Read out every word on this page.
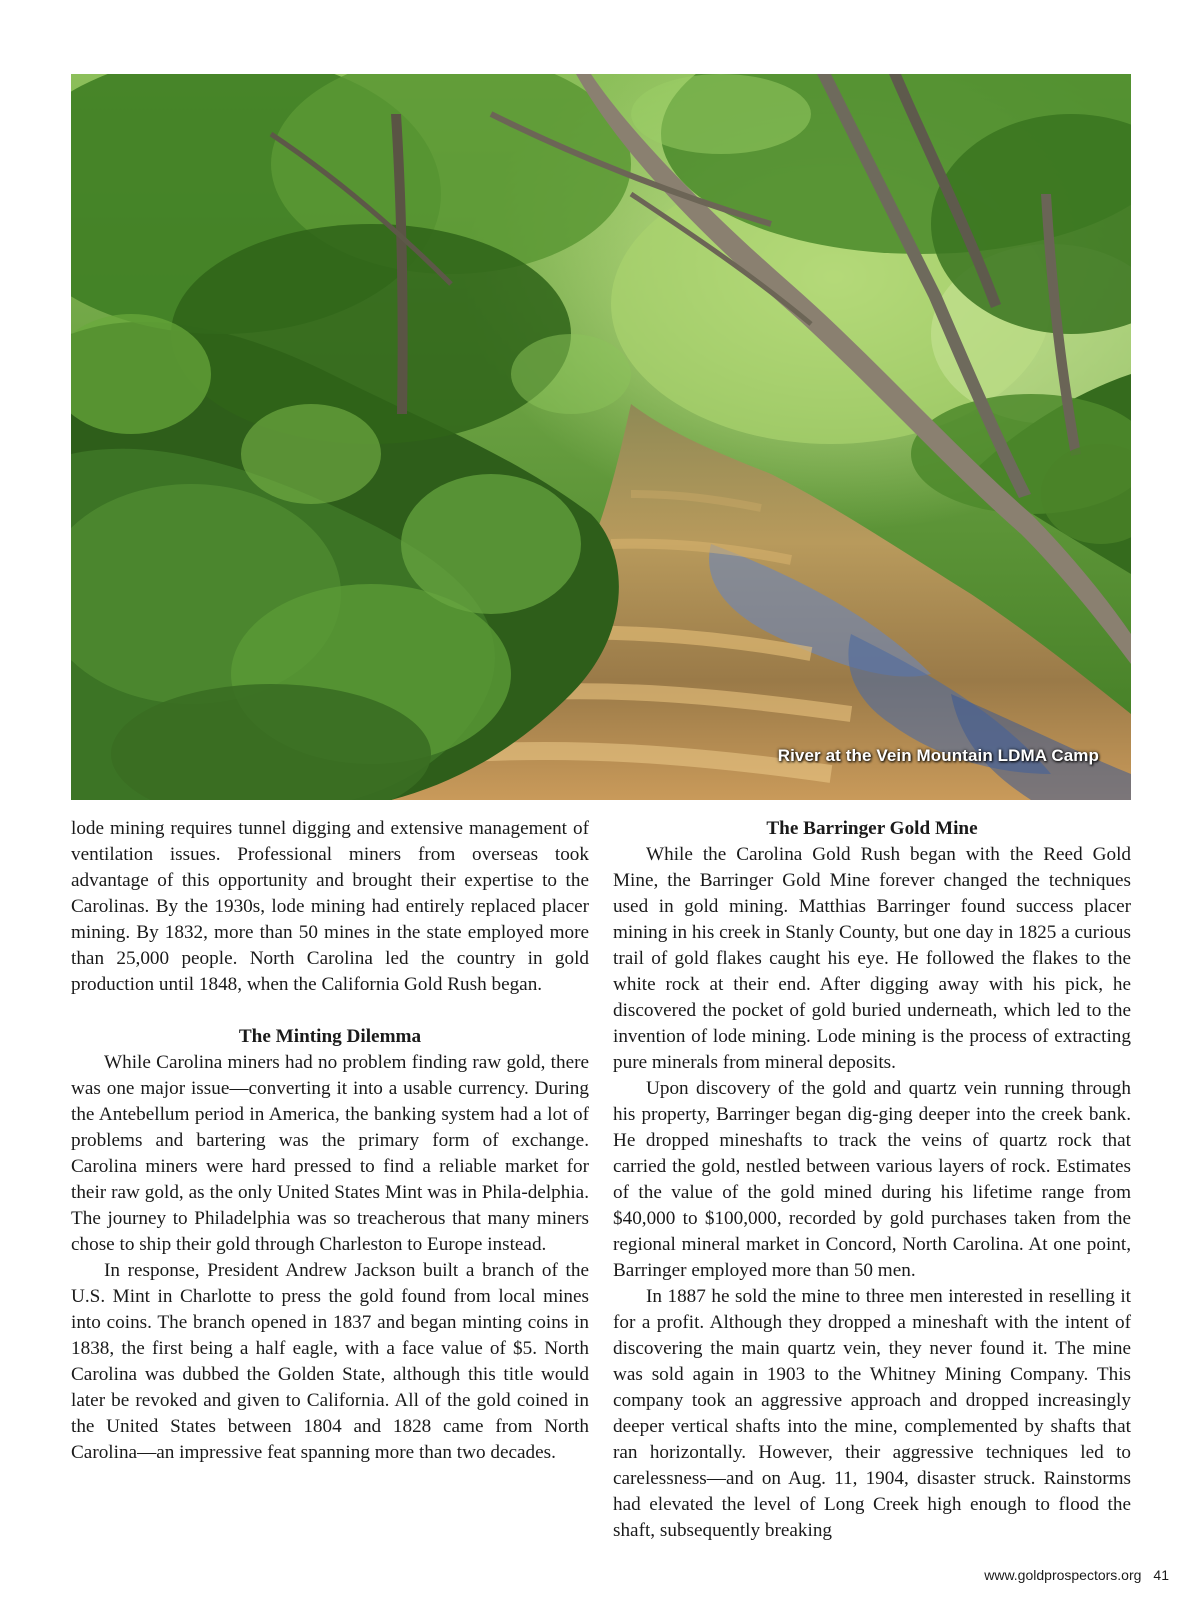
River at the Vein Mountain LDMA Camp

lode mining requires tunnel digging and extensive management of ventilation issues. Professional miners from overseas took advantage of this opportunity and brought their expertise to the Carolinas. By the 1930s, lode mining had entirely replaced placer mining. By 1832, more than 50 mines in the state employed more than 25,000 people. North Carolina led the country in gold production until 1848, when the California Gold Rush began.

The Minting Dilemma

While Carolina miners had no problem finding raw gold, there was one major issue—converting it into a usable currency. During the Antebellum period in America, the banking system had a lot of problems and bartering was the primary form of exchange. Carolina miners were hard pressed to find a reliable market for their raw gold, as the only United States Mint was in Phila-delphia. The journey to Philadelphia was so treacherous that many miners chose to ship their gold through Charleston to Europe instead.

In response, President Andrew Jackson built a branch of the U.S. Mint in Charlotte to press the gold found from local mines into coins. The branch opened in 1837 and began minting coins in 1838, the first being a half eagle, with a face value of $5. North Carolina was dubbed the Golden State, although this title would later be revoked and given to California. All of the gold coined in the United States between 1804 and 1828 came from North Carolina—an impressive feat spanning more than two decades.

The Barringer Gold Mine

While the Carolina Gold Rush began with the Reed Gold Mine, the Barringer Gold Mine forever changed the techniques used in gold mining. Matthias Barringer found success placer mining in his creek in Stanly County, but one day in 1825 a curious trail of gold flakes caught his eye. He followed the flakes to the white rock at their end. After digging away with his pick, he discovered the pocket of gold buried underneath, which led to the invention of lode mining. Lode mining is the process of extracting pure minerals from mineral deposits.

Upon discovery of the gold and quartz vein running through his property, Barringer began dig-ging deeper into the creek bank. He dropped mineshafts to track the veins of quartz rock that carried the gold, nestled between various layers of rock. Estimates of the value of the gold mined during his lifetime range from $40,000 to $100,000, recorded by gold purchases taken from the regional mineral market in Concord, North Carolina. At one point, Barringer employed more than 50 men.

In 1887 he sold the mine to three men interested in reselling it for a profit. Although they dropped a mineshaft with the intent of discovering the main quartz vein, they never found it. The mine was sold again in 1903 to the Whitney Mining Company. This company took an aggressive approach and dropped increasingly deeper vertical shafts into the mine, complemented by shafts that ran horizontally. However, their aggressive techniques led to carelessness—and on Aug. 11, 1904, disaster struck. Rainstorms had elevated the level of Long Creek high enough to flood the shaft, subsequently breaking

www.goldprospectors.org 41
